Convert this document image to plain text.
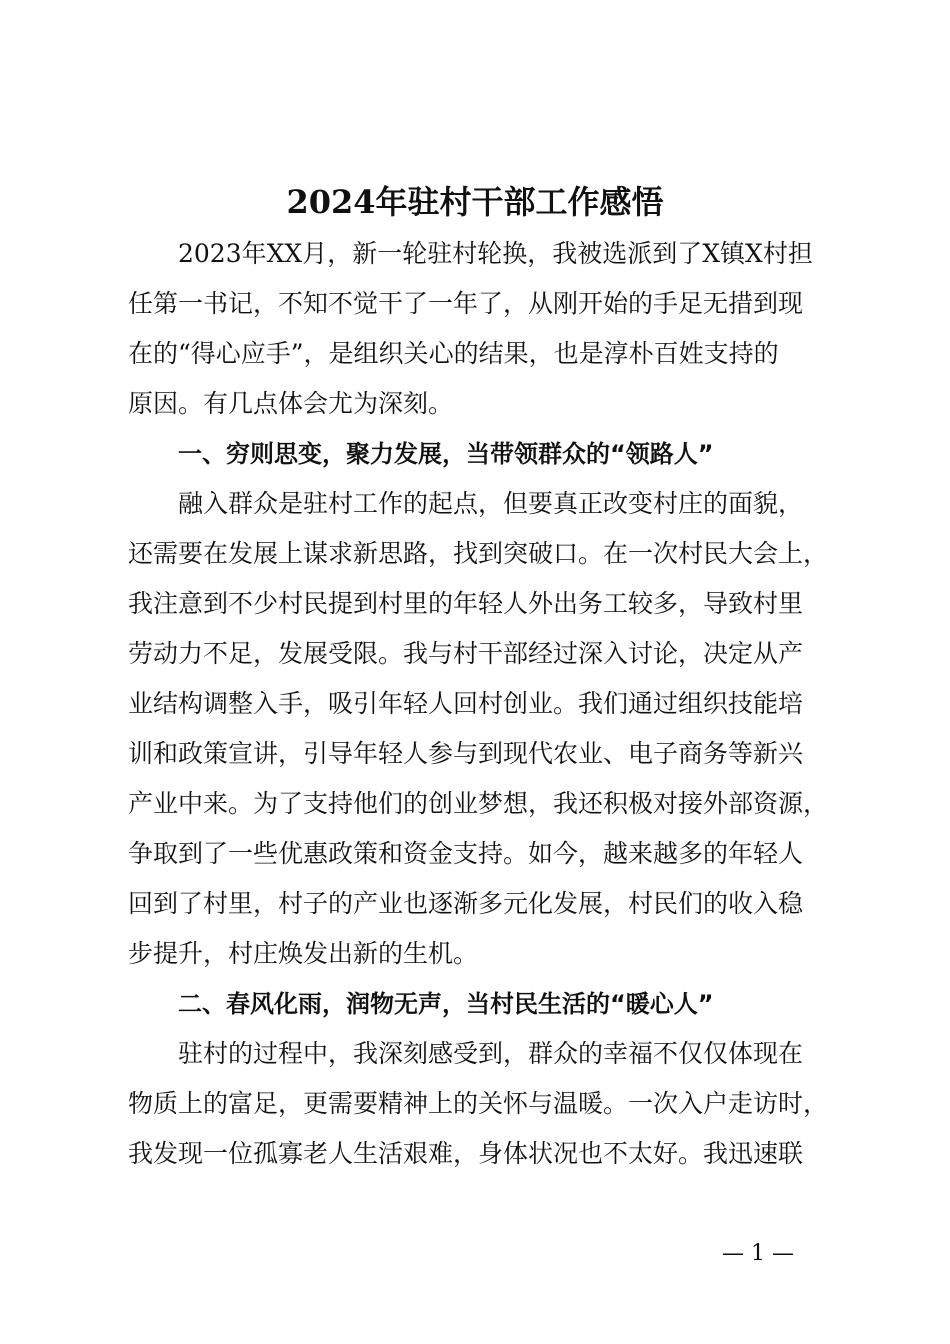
2024年驻村干部工作感悟
2023年XX月，新一轮驻村轮换，我被选派到了X镇X村担
任第一书记，不知不觉干了一年了，从刚开始的手足无措到现
在的“得心应手”，是组织关心的结果，也是淳朴百姓支持的
原因。有几点体会尤为深刻。
一、穷则思变，聚力发展，当带领群众的“领路人”
融入群众是驻村工作的起点，但要真正改变村庄的面貌，
还需要在发展上谋求新思路，找到突破口。在一次村民大会上，
我注意到不少村民提到村里的年轻人外出务工较多，导致村里
劳动力不足，发展受限。我与村干部经过深入讨论，决定从产
业结构调整入手，吸引年轻人回村创业。我们通过组织技能培
训和政策宣讲，引导年轻人参与到现代农业、电子商务等新兴
产业中来。为了支持他们的创业梦想，我还积极对接外部资源，
争取到了一些优惠政策和资金支持。如今，越来越多的年轻人
回到了村里，村子的产业也逐渐多元化发展，村民们的收入稳
步提升，村庄焕发出新的生机。
二、春风化雨，润物无声，当村民生活的“暖心人”
驻村的过程中，我深刻感受到，群众的幸福不仅仅体现在
物质上的富足，更需要精神上的关怀与温暖。一次入户走访时，
我发现一位孤寡老人生活艰难，身体状况也不太好。我迅速联
— 1 —
